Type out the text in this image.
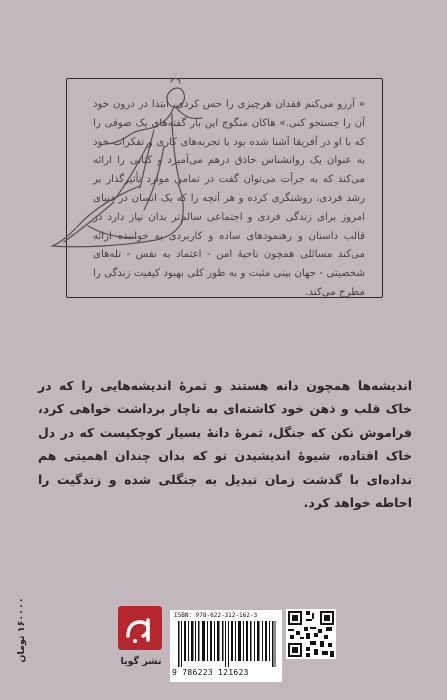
« آرزو می‌کنم فقدان هرچیزی را حس کردی، ابتدا در درون خود آن را جستجو کنی.» هاکان منگوچ این بار گفته‌های یک صوفی را که با او در آفریقا آشنا شده بود با تجربه‌های کاری و تفکرات خود به عنوان یک روانشناس حاذق درهم می‌آمیزد و کتابی را ارائه می‌کند که به جرأت می‌توان گفت در تمامی موارد تأثیرگذار بر رشد فردی، روشنگری کرده و هر آنچه را که یک انسان در دنیای امروز برای زندگی فردی و اجتماعی سالم‌تر بدان نیاز دارد در قالب داستان و رهنمودهای ساده و کاربردی به خواننده ارائه می‌کند مسائلی همچون ناحیهٔ امن - اعتماد به نفس - تله‌های شخصیتی - جهان بینی مثبت و به طور کلی بهبود کیفیت زندگی را مطرح می‌کند.

اندیشه‌ها همچون دانه هستند و ثمرهٔ اندیشه‌هایی را که در خاک قلب و ذهن خود کاشته‌ای به ناچار برداشت خواهی کرد، فراموش نکن که جنگل، ثمرهٔ دانهٔ بسیار کوچکیست که در دل خاک افتاده، شیوهٔ اندیشیدن تو که بدان چندان اهمیتی هم نداده‌ای با گذشت زمان تبدیل به جنگلی شده و زندگیت را احاطه خواهد کرد.

۱۶۰۰۰۰ تومان
نشر گویا
ISBN: 978-622-312-162-3
9 786223 121623
